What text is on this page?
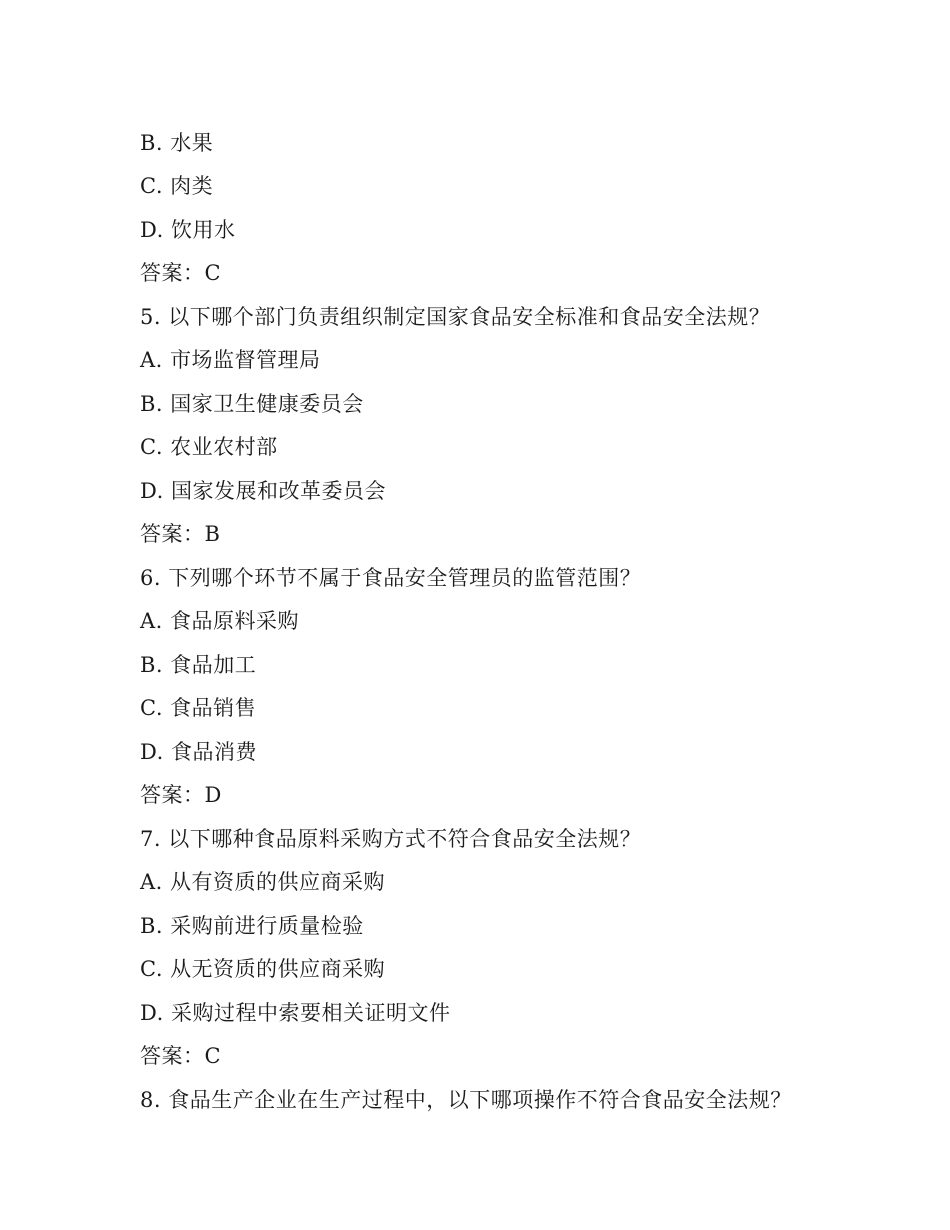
B. 水果
C. 肉类
D. 饮用水
答案：C
5. 以下哪个部门负责组织制定国家食品安全标准和食品安全法规？
A. 市场监督管理局
B. 国家卫生健康委员会
C. 农业农村部
D. 国家发展和改革委员会
答案：B
6. 下列哪个环节不属于食品安全管理员的监管范围？
A. 食品原料采购
B. 食品加工
C. 食品销售
D. 食品消费
答案：D
7. 以下哪种食品原料采购方式不符合食品安全法规？
A. 从有资质的供应商采购
B. 采购前进行质量检验
C. 从无资质的供应商采购
D. 采购过程中索要相关证明文件
答案：C
8. 食品生产企业在生产过程中，以下哪项操作不符合食品安全法规？
